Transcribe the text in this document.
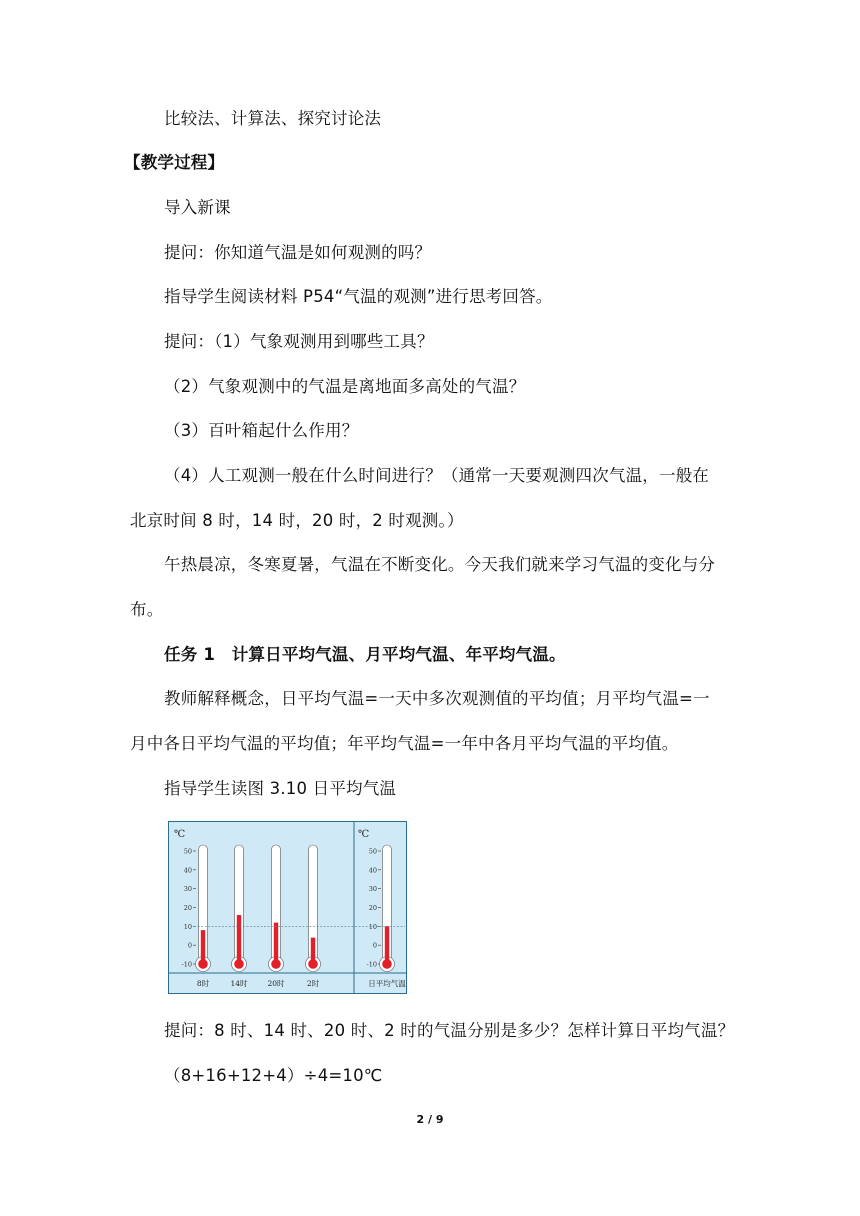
比较法、计算法、探究讨论法
【教学过程】
导入新课
提问：你知道气温是如何观测的吗？
指导学生阅读材料 P54“气温的观测”进行思考回答。
提问：（1）气象观测用到哪些工具？
（2）气象观测中的气温是离地面多高处的气温？
（3）百叶箱起什么作用？
（4）人工观测一般在什么时间进行？（通常一天要观测四次气温，一般在
北京时间 8 时，14 时，20 时，2 时观测。）
午热晨凉，冬寒夏暑，气温在不断变化。今天我们就来学习气温的变化与分
布。
任务 1　计算日平均气温、月平均气温、年平均气温。
教师解释概念，日平均气温=一天中多次观测值的平均值；月平均气温=一
月中各日平均气温的平均值；年平均气温=一年中各月平均气温的平均值。
指导学生读图 3.10 日平均气温
℃	℃
50
40
30
20
10
0
-10
50
40
30
20
10
0
-10
8时	14时	20时	2时	日平均气温
提问：8 时、14 时、20 时、2 时的气温分别是多少？怎样计算日平均气温？
（8+16+12+4）÷4=10℃
2 / 9
